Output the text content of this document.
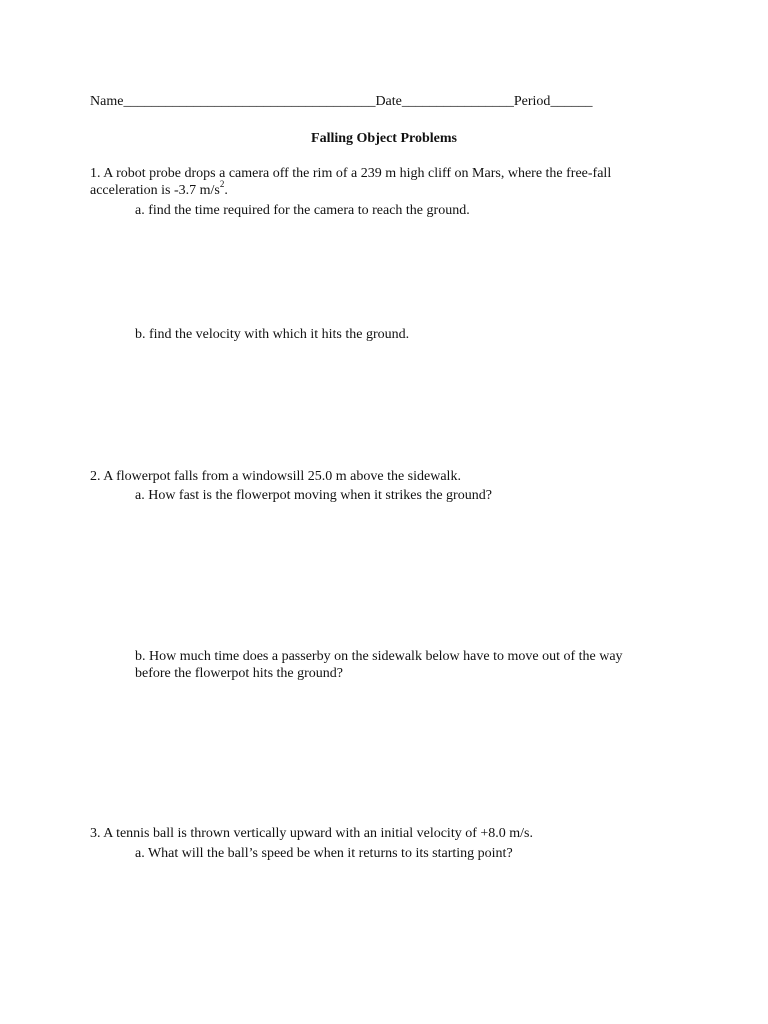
Name____________________________________Date________________Period______
Falling Object Problems
1. A robot probe drops a camera off the rim of a 239 m high cliff on Mars, where the free-fall
acceleration is -3.7 $m/s^2$.
a. find the time required for the camera to reach the ground.
b. find the velocity with which it hits the ground.
2. A flowerpot falls from a windowsill 25.0 m above the sidewalk.
a. How fast is the flowerpot moving when it strikes the ground?
b. How much time does a passerby on the sidewalk below have to move out of the way
before the flowerpot hits the ground?
3. A tennis ball is thrown vertically upward with an initial velocity of +8.0 m/s.
a. What will the ball’s speed be when it returns to its starting point?
